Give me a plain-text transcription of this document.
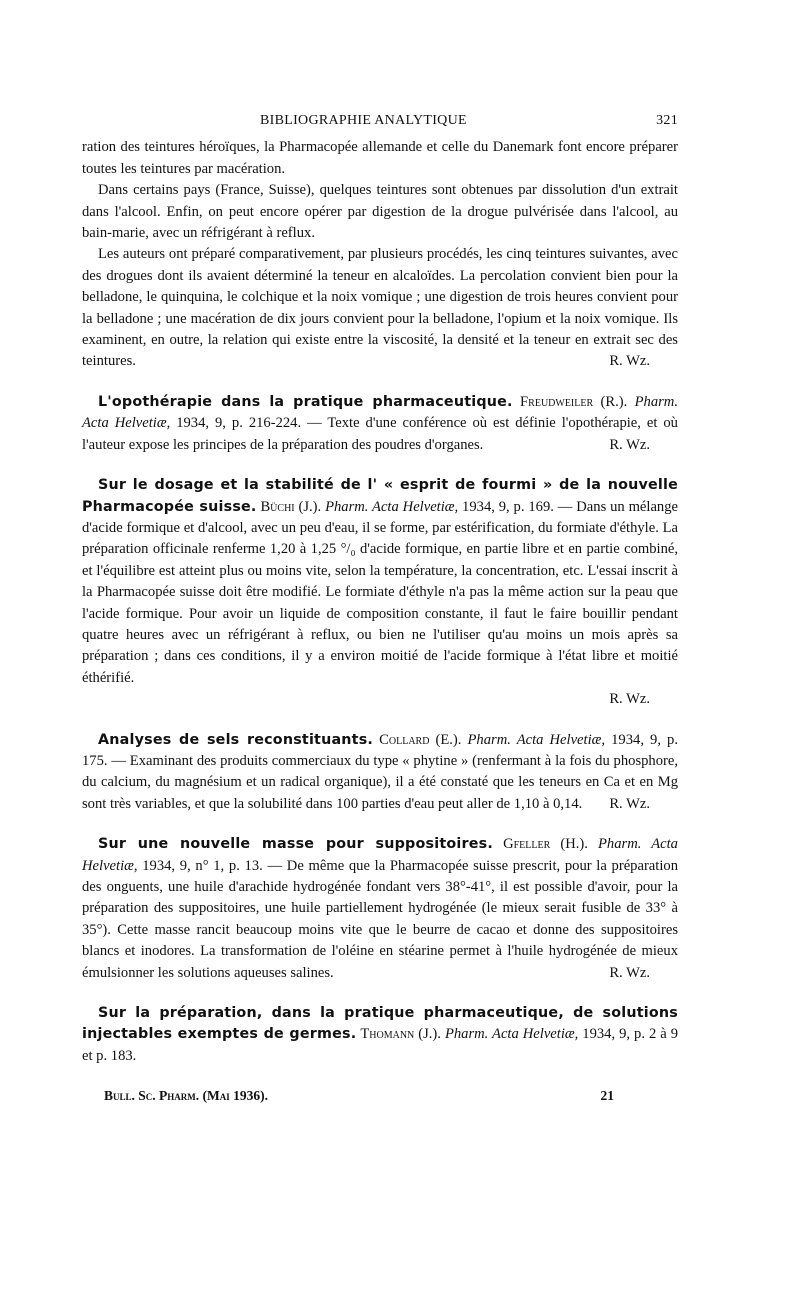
BIBLIOGRAPHIE ANALYTIQUE	321

ration des teintures héroïques, la Pharmacopée allemande et celle du Danemark font encore préparer toutes les teintures par macération.

Dans certains pays (France, Suisse), quelques teintures sont obtenues par dissolution d'un extrait dans l'alcool. Enfin, on peut encore opérer par digestion de la drogue pulvérisée dans l'alcool, au bain-marie, avec un réfrigérant à reflux.

Les auteurs ont préparé comparativement, par plusieurs procédés, les cinq teintures suivantes, avec des drogues dont ils avaient déterminé la teneur en alcaloïdes. La percolation convient bien pour la belladone, le quinquina, le colchique et la noix vomique ; une digestion de trois heures convient pour la belladone ; une macération de dix jours convient pour la belladone, l'opium et la noix vomique. Ils examinent, en outre, la relation qui existe entre la viscosité, la densité et la teneur en extrait sec des teintures.	R. Wz.

L'opothérapie dans la pratique pharmaceutique. Freudweiler (R.). Pharm. Acta Helvetiæ, 1934, 9, p. 216-224. — Texte d'une conférence où est définie l'opothérapie, et où l'auteur expose les principes de la préparation des poudres d'organes.	R. Wz.

Sur le dosage et la stabilité de l' « esprit de fourmi » de la nouvelle Pharmacopée suisse. Büchi (J.). Pharm. Acta Helvetiæ, 1934, 9, p. 169. — Dans un mélange d'acide formique et d'alcool, avec un peu d'eau, il se forme, par estérification, du formiate d'éthyle. La préparation officinale renferme 1,20 à 1,25 °/₀ d'acide formique, en partie libre et en partie combiné, et l'équilibre est atteint plus ou moins vite, selon la température, la concentration, etc. L'essai inscrit à la Pharmacopée suisse doit être modifié. Le formiate d'éthyle n'a pas la même action sur la peau que l'acide formique. Pour avoir un liquide de composition constante, il faut le faire bouillir pendant quatre heures avec un réfrigérant à reflux, ou bien ne l'utiliser qu'au moins un mois après sa préparation ; dans ces conditions, il y a environ moitié de l'acide formique à l'état libre et moitié éthérifié.

R. Wz.

Analyses de sels reconstituants. Collard (E.). Pharm. Acta Helvetiæ, 1934, 9, p. 175. — Examinant des produits commerciaux du type « phytine » (renfermant à la fois du phosphore, du calcium, du magnésium et un radical organique), il a été constaté que les teneurs en Ca et en Mg sont très variables, et que la solubilité dans 100 parties d'eau peut aller de 1,10 à 0,14.	R. Wz.

Sur une nouvelle masse pour suppositoires. Gfeller (H.). Pharm. Acta Helvetiæ, 1934, 9, n° 1, p. 13. — De même que la Pharmacopée suisse prescrit, pour la préparation des onguents, une huile d'arachide hydrogénée fondant vers 38°-41°, il est possible d'avoir, pour la préparation des suppositoires, une huile partiellement hydrogénée (le mieux serait fusible de 33° à 35°). Cette masse rancit beaucoup moins vite que le beurre de cacao et donne des suppositoires blancs et inodores. La transformation de l'oléine en stéarine permet à l'huile hydrogénée de mieux émulsionner les solutions aqueuses salines.	R. Wz.

Sur la préparation, dans la pratique pharmaceutique, de solutions injectables exemptes de germes. Thomann (J.). Pharm. Acta Helvetiæ, 1934, 9, p. 2 à 9 et p. 183.

Bull. Sc. Pharm. (Mai 1936).	21
